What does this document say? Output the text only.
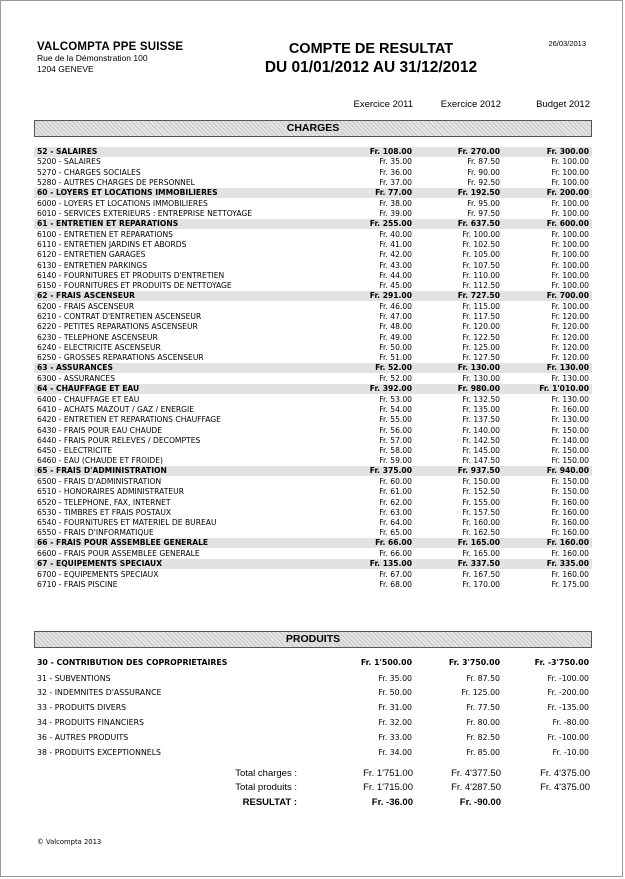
VALCOMPTA PPE SUISSE
Rue de la Démonstration 100
1204 GENEVE
COMPTE DE RESULTAT
DU 01/01/2012 AU 31/12/2012
26/03/2013
Exercice 2011	Exercice 2012	Budget 2012
CHARGES
52 - SALAIRES	Fr. 108.00	Fr. 270.00	Fr. 300.00
5200 - SALAIRES	Fr. 35.00	Fr. 87.50	Fr. 100.00
5270 - CHARGES SOCIALES	Fr. 36.00	Fr. 90.00	Fr. 100.00
5280 - AUTRES CHARGES DE PERSONNEL	Fr. 37.00	Fr. 92.50	Fr. 100.00
60 - LOYERS ET LOCATIONS IMMOBILIERES	Fr. 77.00	Fr. 192.50	Fr. 200.00
6000 - LOYERS ET LOCATIONS IMMOBILIERES	Fr. 38.00	Fr. 95.00	Fr. 100.00
6010 - SERVICES EXTERIEURS : ENTREPRISE NETTOYAGE	Fr. 39.00	Fr. 97.50	Fr. 100.00
61 - ENTRETIEN ET REPARATIONS	Fr. 255.00	Fr. 637.50	Fr. 600.00
6100 - ENTRETIEN ET REPARATIONS	Fr. 40.00	Fr. 100.00	Fr. 100.00
6110 - ENTRETIEN JARDINS ET ABORDS	Fr. 41.00	Fr. 102.50	Fr. 100.00
6120 - ENTRETIEN GARAGES	Fr. 42.00	Fr. 105.00	Fr. 100.00
6130 - ENTRETIEN PARKINGS	Fr. 43.00	Fr. 107.50	Fr. 100.00
6140 - FOURNITURES ET PRODUITS D'ENTRETIEN	Fr. 44.00	Fr. 110.00	Fr. 100.00
6150 - FOURNITURES ET PRODUITS DE NETTOYAGE	Fr. 45.00	Fr. 112.50	Fr. 100.00
62 - FRAIS ASCENSEUR	Fr. 291.00	Fr. 727.50	Fr. 700.00
6200 - FRAIS ASCENSEUR	Fr. 46.00	Fr. 115.00	Fr. 100.00
6210 - CONTRAT D'ENTRETIEN ASCENSEUR	Fr. 47.00	Fr. 117.50	Fr. 120.00
6220 - PETITES REPARATIONS ASCENSEUR	Fr. 48.00	Fr. 120.00	Fr. 120.00
6230 - TELEPHONE ASCENSEUR	Fr. 49.00	Fr. 122.50	Fr. 120.00
6240 - ELECTRICITE ASCENSEUR	Fr. 50.00	Fr. 125.00	Fr. 120.00
6250 - GROSSES REPARATIONS ASCENSEUR	Fr. 51.00	Fr. 127.50	Fr. 120.00
63 - ASSURANCES	Fr. 52.00	Fr. 130.00	Fr. 130.00
6300 - ASSURANCES	Fr. 52.00	Fr. 130.00	Fr. 130.00
64 - CHAUFFAGE ET EAU	Fr. 392.00	Fr. 980.00	Fr. 1'010.00
6400 - CHAUFFAGE ET EAU	Fr. 53.00	Fr. 132.50	Fr. 130.00
6410 - ACHATS MAZOUT / GAZ / ENERGIE	Fr. 54.00	Fr. 135.00	Fr. 160.00
6420 - ENTRETIEN ET REPARATIONS CHAUFFAGE	Fr. 55.00	Fr. 137.50	Fr. 130.00
6430 - FRAIS POUR EAU CHAUDE	Fr. 56.00	Fr. 140.00	Fr. 150.00
6440 - FRAIS POUR RELEVES / DECOMPTES	Fr. 57.00	Fr. 142.50	Fr. 140.00
6450 - ELECTRICITE	Fr. 58.00	Fr. 145.00	Fr. 150.00
6460 - EAU (CHAUDE ET FROIDE)	Fr. 59.00	Fr. 147.50	Fr. 150.00
65 - FRAIS D'ADMINISTRATION	Fr. 375.00	Fr. 937.50	Fr. 940.00
6500 - FRAIS D'ADMINISTRATION	Fr. 60.00	Fr. 150.00	Fr. 150.00
6510 - HONORAIRES ADMINISTRATEUR	Fr. 61.00	Fr. 152.50	Fr. 150.00
6520 - TELEPHONE, FAX, INTERNET	Fr. 62.00	Fr. 155.00	Fr. 160.00
6530 - TIMBRES ET FRAIS POSTAUX	Fr. 63.00	Fr. 157.50	Fr. 160.00
6540 - FOURNITURES ET MATERIEL DE BUREAU	Fr. 64.00	Fr. 160.00	Fr. 160.00
6550 - FRAIS D'INFORMATIQUE	Fr. 65.00	Fr. 162.50	Fr. 160.00
66 - FRAIS POUR ASSEMBLEE GENERALE	Fr. 66.00	Fr. 165.00	Fr. 160.00
6600 - FRAIS POUR ASSEMBLEE GENERALE	Fr. 66.00	Fr. 165.00	Fr. 160.00
67 - EQUIPEMENTS SPECIAUX	Fr. 135.00	Fr. 337.50	Fr. 335.00
6700 - EQUIPEMENTS SPECIAUX	Fr. 67.00	Fr. 167.50	Fr. 160.00
6710 - FRAIS PISCINE	Fr. 68.00	Fr. 170.00	Fr. 175.00
PRODUITS
30 - CONTRIBUTION DES COPROPRIETAIRES	Fr. 1'500.00	Fr. 3'750.00	Fr. -3'750.00
31 - SUBVENTIONS	Fr. 35.00	Fr. 87.50	Fr. -100.00
32 - INDEMNITES D'ASSURANCE	Fr. 50.00	Fr. 125.00	Fr. -200.00
33 - PRODUITS DIVERS	Fr. 31.00	Fr. 77.50	Fr. -135.00
34 - PRODUITS FINANCIERS	Fr. 32.00	Fr. 80.00	Fr. -80.00
36 - AUTRES PRODUITS	Fr. 33.00	Fr. 82.50	Fr. -100.00
38 - PRODUITS EXCEPTIONNELS	Fr. 34.00	Fr. 85.00	Fr. -10.00
Total charges :	Fr. 1'751.00	Fr. 4'377.50	Fr. 4'375.00
Total produits :	Fr. 1'715.00	Fr. 4'287.50	Fr. 4'375.00
RESULTAT :	Fr. -36.00	Fr. -90.00
© Valcompta 2013
